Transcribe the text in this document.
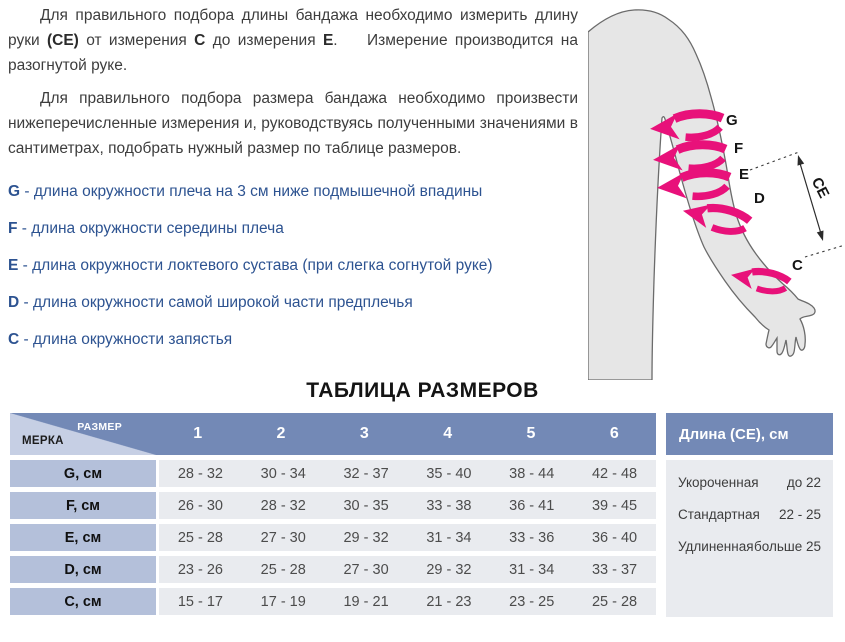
Для правильного подбора длины бандажа необходимо измерить длину руки (СЕ) от измерения С до измерения Е.    Измерение производится на разогнутой руке.

Для правильного подбора размера бандажа необходимо произвести нижеперечисленные измерения и, руководствуясь полученными значениями в сантиметрах, подобрать нужный размер по таблице размеров.

G - длина окружности плеча на 3 см ниже подмышечной впадины
F - длина окружности середины плеча
E - длина окружности локтевого сустава (при слегка согнутой руке)
D - длина окружности самой широкой части предплечья
C - длина окружности запястья
CE
G
F
E
D
C
ТАБЛИЦА РАЗМЕРОВ
РАЗМЕР
МЕРКА	1	2	3	4	5	6
G, см	28 - 32	30 - 34	32 - 37	35 - 40	38 - 44	42 - 48
F, см	26 - 30	28 - 32	30 - 35	33 - 38	36 - 41	39 - 45
E, см	25 - 28	27 - 30	29 - 32	31 - 34	33 - 36	36 - 40
D, см	23 - 26	25 - 28	27 - 30	29 - 32	31 - 34	33 - 37
C, см	15 - 17	17 - 19	19 - 21	21 - 23	23 - 25	25 - 28
Длина (СЕ), см
Укороченная до 22
Стандартная 22 - 25
Удлиненная больше 25
